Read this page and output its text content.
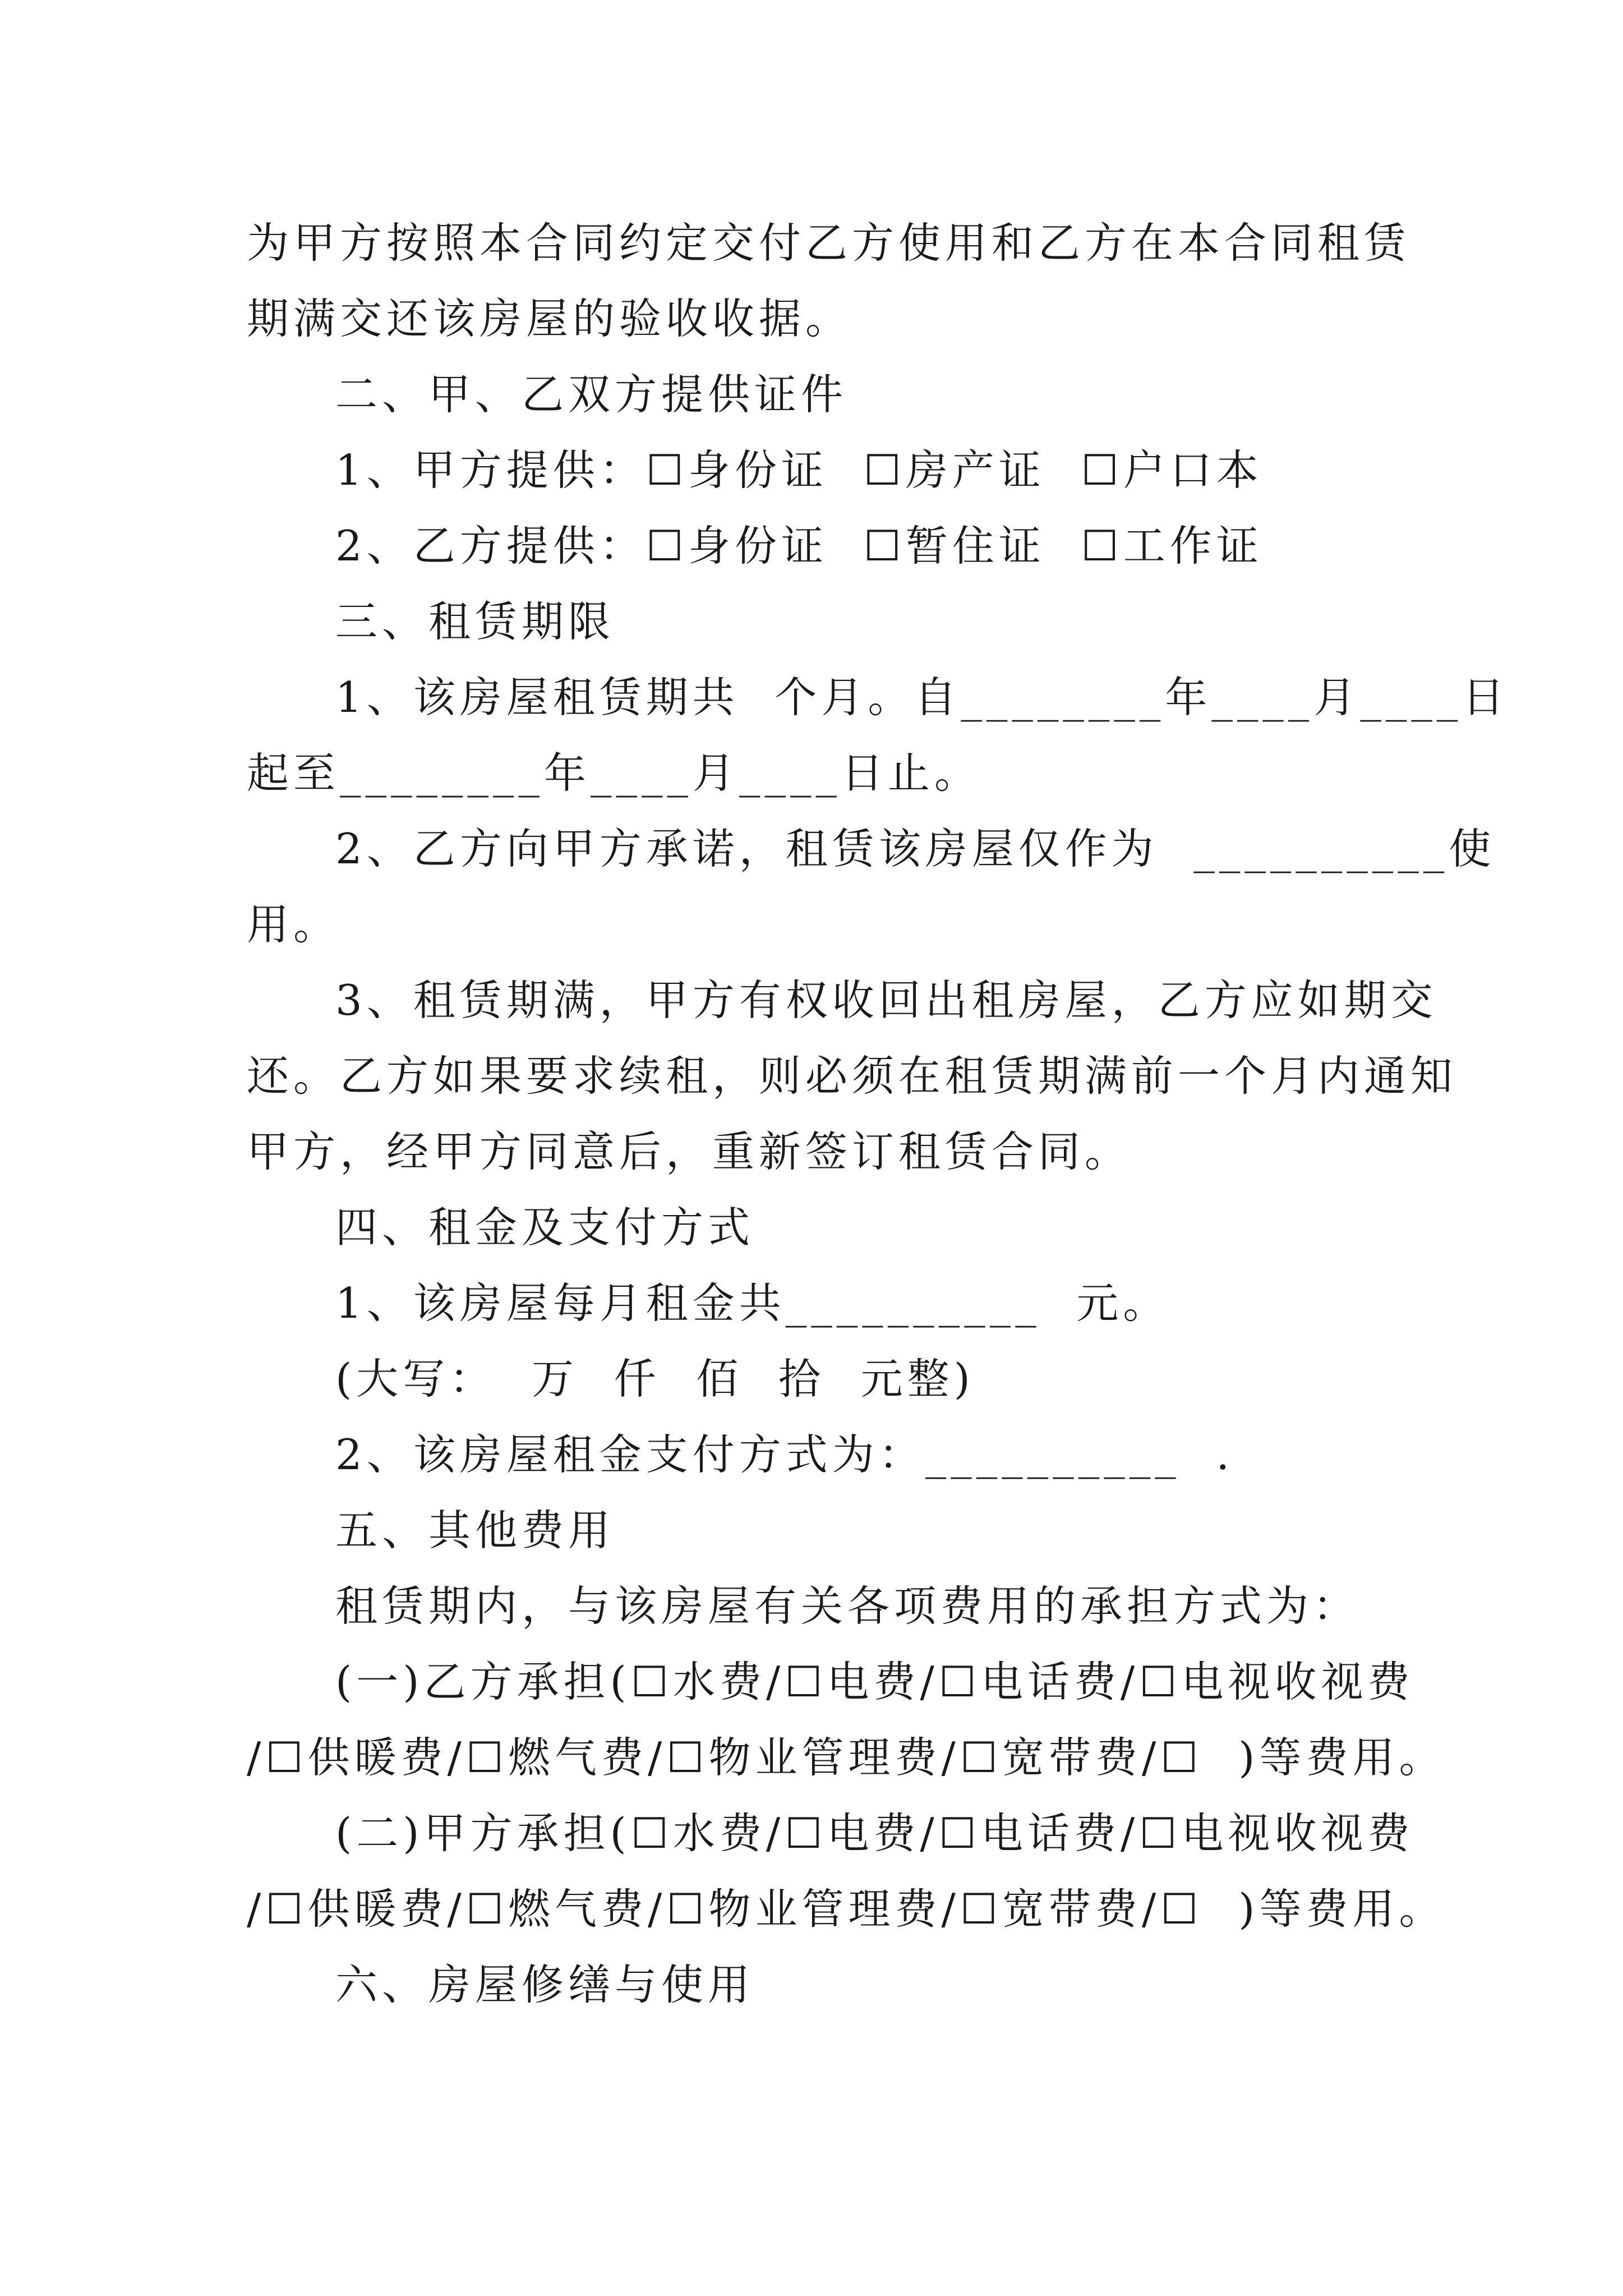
为甲方按照本合同约定交付乙方使用和乙方在本合同租赁
期满交还该房屋的验收收据。
二、甲、乙双方提供证件
1、甲方提供：☐身份证  ☐房产证  ☐户口本
2、乙方提供：☐身份证  ☐暂住证  ☐工作证
三、租赁期限
1、该房屋租赁期共  个月。自________年____月____日
起至________年____月____日止。
2、乙方向甲方承诺，租赁该房屋仅作为  __________使
用。
3、租赁期满，甲方有权收回出租房屋，乙方应如期交
还。乙方如果要求续租，则必须在租赁期满前一个月内通知
甲方，经甲方同意后，重新签订租赁合同。
四、租金及支付方式
1、该房屋每月租金共__________  元。
(大写：  万  仟  佰  拾  元整)
2、该房屋租金支付方式为：__________  .
五、其他费用
租赁期内，与该房屋有关各项费用的承担方式为：
(一)乙方承担(☐水费/☐电费/☐电话费/☐电视收视费
/☐供暖费/☐燃气费/☐物业管理费/☐宽带费/☐  )等费用。
(二)甲方承担(☐水费/☐电费/☐电话费/☐电视收视费
/☐供暖费/☐燃气费/☐物业管理费/☐宽带费/☐  )等费用。
六、房屋修缮与使用
